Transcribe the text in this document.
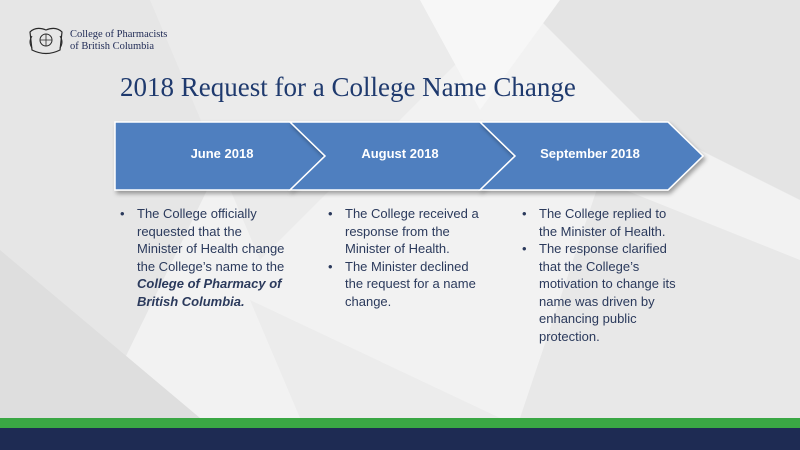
College of Pharmacists
of British Columbia
2018 Request for a College Name Change
June 2018	August 2018	September 2018
• The College officially requested that the Minister of Health change the College’s name to the College of Pharmacy of British Columbia.
• The College received a response from the Minister of Health.
• The Minister declined the request for a name change.
• The College replied to the Minister of Health.
• The response clarified that the College’s motivation to change its name was driven by enhancing public protection.
